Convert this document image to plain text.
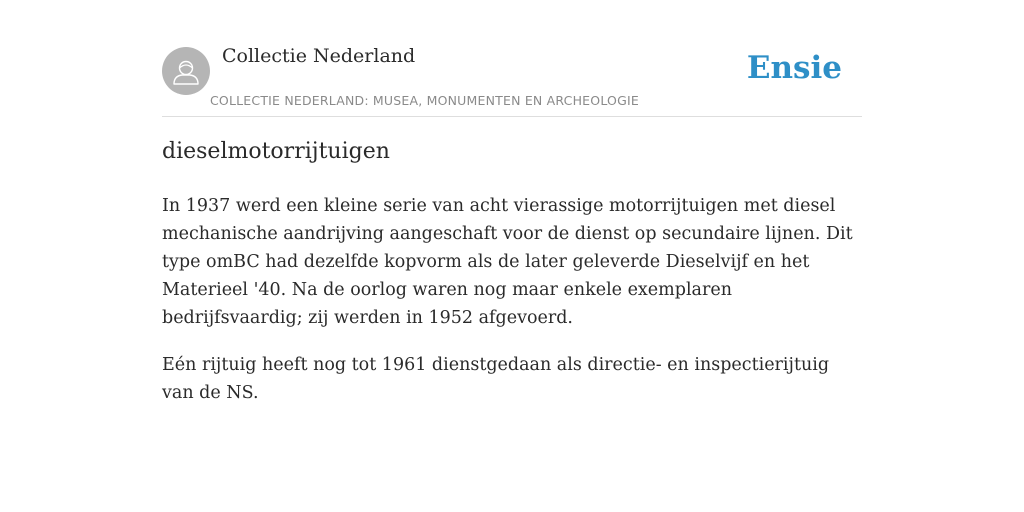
Collectie Nederland
COLLECTIE NEDERLAND: MUSEA, MONUMENTEN EN ARCHEOLOGIE
Ensie
dieselmotorrijtuigen

In 1937 werd een kleine serie van acht vierassige motorrijtuigen met diesel mechanische aandrijving aangeschaft voor de dienst op secundaire lijnen. Dit type omBC had dezelfde kopvorm als de later geleverde Dieselvijf en het Materieel '40. Na de oorlog waren nog maar enkele exemplaren bedrijfsvaardig; zij werden in 1952 afgevoerd.

Eén rijtuig heeft nog tot 1961 dienstgedaan als directie- en inspectierijtuig van de NS.
